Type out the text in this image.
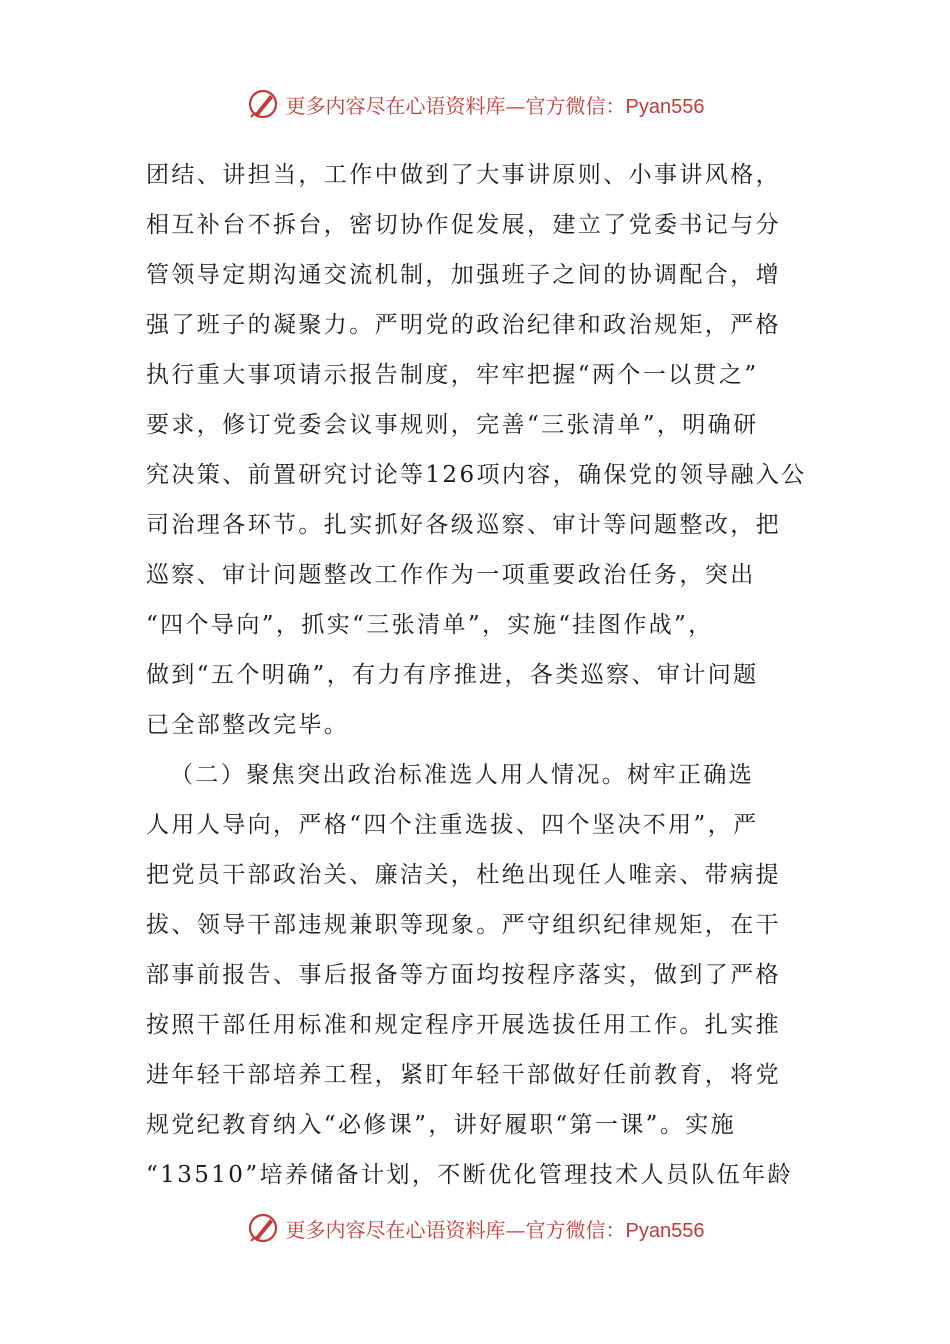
更多内容尽在心语资料库—官方微信：Pyan556
团结、讲担当，工作中做到了大事讲原则、小事讲风格，
相互补台不拆台，密切协作促发展，建立了党委书记与分
管领导定期沟通交流机制，加强班子之间的协调配合，增
强了班子的凝聚力。严明党的政治纪律和政治规矩，严格
执行重大事项请示报告制度，牢牢把握“两个一以贯之”
要求，修订党委会议事规则，完善“三张清单”，明确研
究决策、前置研究讨论等126项内容，确保党的领导融入公
司治理各环节。扎实抓好各级巡察、审计等问题整改，把
巡察、审计问题整改工作作为一项重要政治任务，突出
“四个导向”，抓实“三张清单”，实施“挂图作战”，
做到“五个明确”，有力有序推进，各类巡察、审计问题
已全部整改完毕。
（二）聚焦突出政治标准选人用人情况。树牢正确选
人用人导向，严格“四个注重选拔、四个坚决不用”，严
把党员干部政治关、廉洁关，杜绝出现任人唯亲、带病提
拔、领导干部违规兼职等现象。严守组织纪律规矩，在干
部事前报告、事后报备等方面均按程序落实，做到了严格
按照干部任用标准和规定程序开展选拔任用工作。扎实推
进年轻干部培养工程，紧盯年轻干部做好任前教育，将党
规党纪教育纳入“必修课”，讲好履职“第一课”。实施
“13510”培养储备计划，不断优化管理技术人员队伍年龄
更多内容尽在心语资料库—官方微信：Pyan556
